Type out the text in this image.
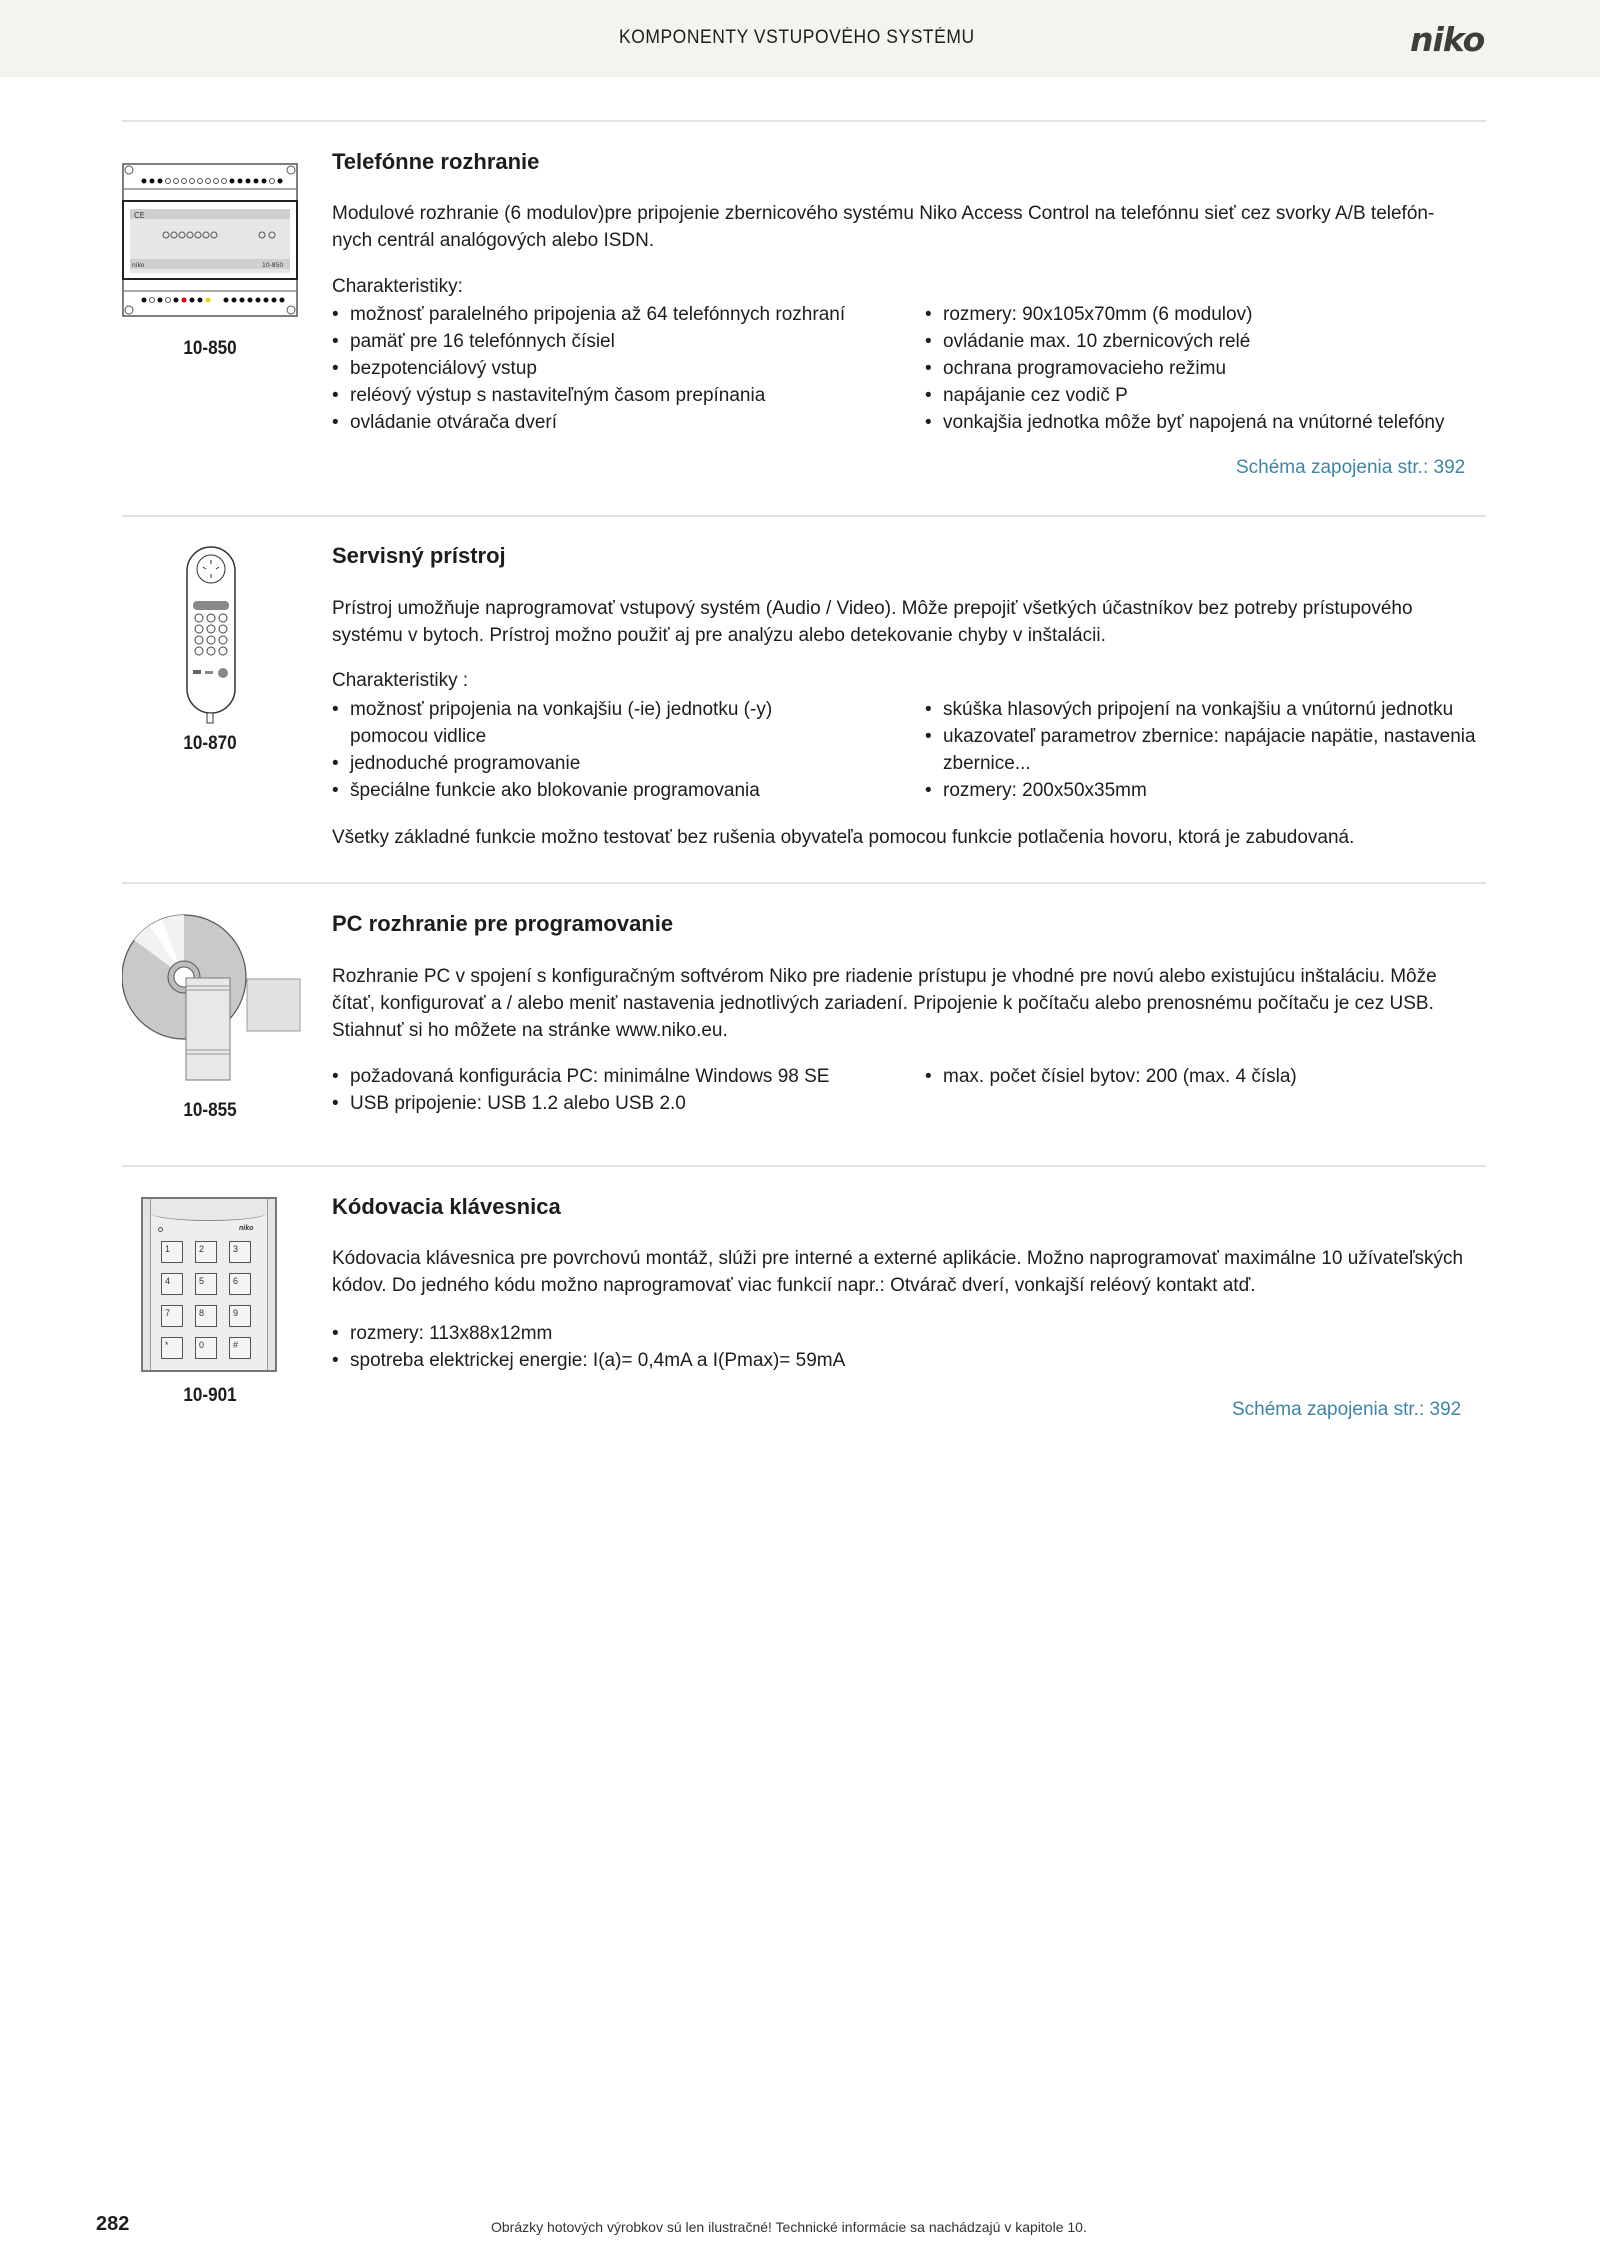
KOMPONENTY VSTUPOVÉHO SYSTÉMU	niko
CE
niko	10-850
10-850
Telefónne rozhranie
Modulové rozhranie (6 modulov)pre pripojenie zbernicového systému Niko Access Control na telefónnu sieť cez svorky A/B telefón-
nych centrál analógových alebo ISDN.
Charakteristiky:
• možnosť paralelného pripojenia až 64 telefónnych rozhraní
• pamäť pre 16 telefónnych čísiel
• bezpotenciálový vstup
• reléový výstup s nastaviteľným časom prepínania
• ovládanie otvárača dverí
• rozmery: 90x105x70mm (6 modulov)
• ovládanie max. 10 zbernicových relé
• ochrana programovacieho režimu
• napájanie cez vodič P
• vonkajšia jednotka môže byť napojená na vnútorné telefóny
Schéma zapojenia str.: 392
10-870
Servisný prístroj
Prístroj umožňuje naprogramovať vstupový systém (Audio / Video). Môže prepojiť všetkých účastníkov bez potreby prístupového
systému v bytoch. Prístroj možno použiť aj pre analýzu alebo detekovanie chyby v inštalácii.
Charakteristiky :
• možnosť pripojenia na vonkajšiu (-ie) jednotku (-y) pomocou vidlice
• jednoduché programovanie
• špeciálne funkcie ako blokovanie programovania
• skúška hlasových pripojení na vonkajšiu a vnútornú jednotku
• ukazovateľ parametrov zbernice: napájacie napätie, nastavenia zbernice...
• rozmery: 200x50x35mm
Všetky základné funkcie možno testovať bez rušenia obyvateľa pomocou funkcie potlačenia hovoru, ktorá je zabudovaná.
10-855
PC rozhranie pre programovanie
Rozhranie PC v spojení s konfiguračným softvérom Niko pre riadenie prístupu je vhodné pre novú alebo existujúcu inštaláciu. Môže
čítať, konfigurovať a / alebo meniť nastavenia jednotlivých zariadení. Pripojenie k počítaču alebo prenosnému počítaču je cez USB.
Stiahnuť si ho môžete na stránke www.niko.eu.
• požadovaná konfigurácia PC: minimálne Windows 98 SE
• USB pripojenie: USB 1.2 alebo USB 2.0
• max. počet čísiel bytov: 200 (max. 4 čísla)
niko
1	2	3
4	5	6
7	8	9
*	0	#
10-901
Kódovacia klávesnica
Kódovacia klávesnica pre povrchovú montáž, slúži pre interné a externé aplikácie. Možno naprogramovať maximálne 10 užívateľských
kódov. Do jedného kódu možno naprogramovať viac funkcií napr.: Otvárač dverí, vonkajší reléový kontakt atď.
• rozmery: 113x88x12mm
• spotreba elektrickej energie: I(a)= 0,4mA a I(Pmax)= 59mA
Schéma zapojenia str.: 392
282	Obrázky hotových výrobkov sú len ilustračné! Technické informácie sa nachádzajú v kapitole 10.
